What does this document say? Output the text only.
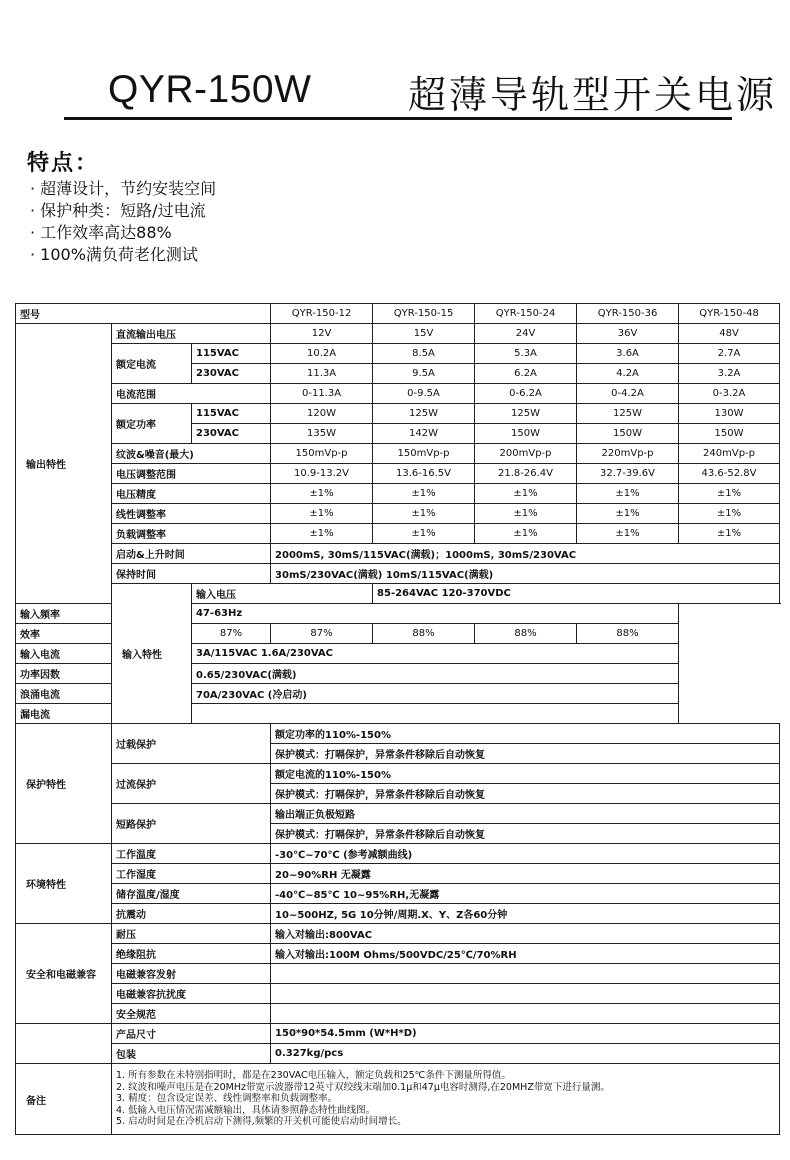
QYR-150W	超薄导轨型开关电源
特点：
· 超薄设计，节约安装空间
· 保护种类：短路/过电流
· 工作效率高达88%
· 100%满负荷老化测试
型号			QYR-150-12	QYR-150-15	QYR-150-24	QYR-150-36	QYR-150-48
输出特性	直流输出电压		12V	15V	24V	36V	48V
	额定电流	115VAC	10.2A	8.5A	5.3A	3.6A	2.7A
		230VAC	11.3A	9.5A	6.2A	4.2A	3.2A
	电流范围		0-11.3A	0-9.5A	0-6.2A	0-4.2A	0-3.2A
	额定功率	115VAC	120W	125W	125W	125W	130W
		230VAC	135W	142W	150W	150W	150W
	纹波&噪音(最大)		150mVp-p	150mVp-p	200mVp-p	220mVp-p	240mVp-p
	电压调整范围		10.9-13.2V	13.6-16.5V	21.8-26.4V	32.7-39.6V	43.6-52.8V
	电压精度		±1%	±1%	±1%	±1%	±1%
	线性调整率		±1%	±1%	±1%	±1%	±1%
	负载调整率		±1%	±1%	±1%	±1%	±1%
	启动&上升时间		2000mS, 30mS/115VAC(满载)；1000mS, 30mS/230VAC				
	保持时间		30mS/230VAC(满载) 10mS/115VAC(满载)				
	输入特性	输入电压		85-264VAC 120-370VDC			
输入频率		47-63Hz					
效率		87%	87%	88%	88%	88%	
输入电流		3A/115VAC 1.6A/230VAC					
功率因数		0.65/230VAC(满载)					
浪涌电流		70A/230VAC (冷启动)					
漏电流							
保护特性	过载保护		额定功率的110%-150%				
			保护模式：打嗝保护，异常条件移除后自动恢复				
	过流保护		额定电流的110%-150%				
			保护模式：打嗝保护，异常条件移除后自动恢复				
	短路保护		输出端正负极短路				
			保护模式：打嗝保护，异常条件移除后自动恢复				
环境特性	工作温度		-30℃~70℃ (参考减额曲线)				
	工作湿度		20~90%RH 无凝露				
	储存温度/湿度		-40℃~85℃ 10~95%RH,无凝露				
	抗震动		10~500HZ, 5G 10分钟/周期.X、Y、Z各60分钟				
安全和电磁兼容	耐压		输入对输出:800VAC				
	绝缘阻抗		输入对输出:100M Ohms/500VDC/25℃/70%RH				
	电磁兼容发射						
	电磁兼容抗扰度						
	安全规范						
	产品尺寸		150*90*54.5mm (W*H*D)				
	包装		0.327kg/pcs				
备注	1. 所有参数在未特别指明时，都是在230VAC电压输入，额定负载和25℃条件下测量所得值。
2. 纹波和噪声电压是在20MHz带宽示波器带12英寸双绞线末端加0.1μ和47μ电容时测得,在20MHZ带宽下进行量测。
3. 精度：包含设定误差、线性调整率和负载调整率。
4. 低输入电压情况需减额输出，具体请参照静态特性曲线图。
5. 启动时间是在冷机启动下测得,频繁的开关机可能使启动时间增长。						
